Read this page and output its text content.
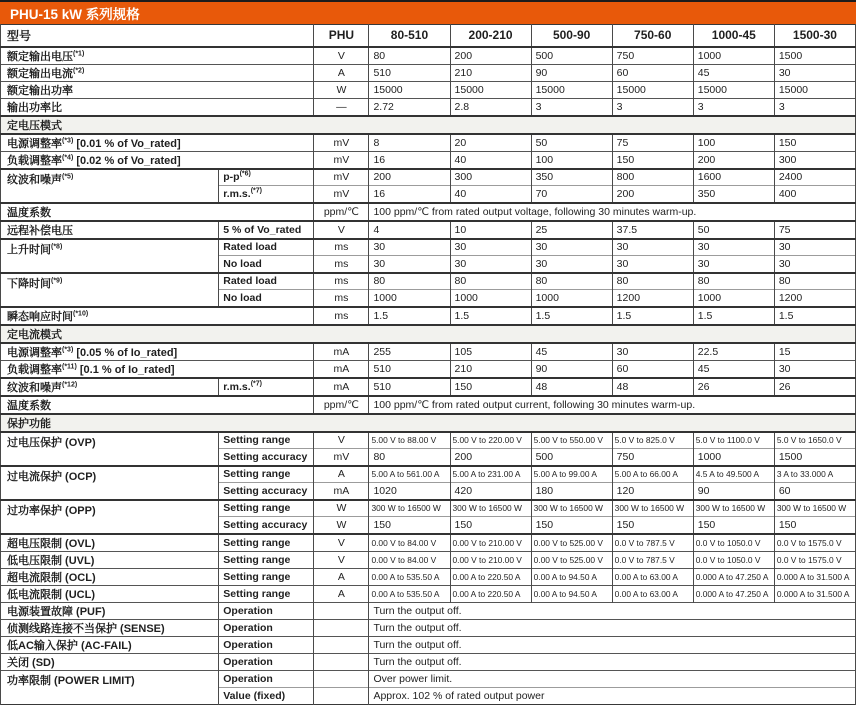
PHU-15 kW 系列规格
型号		PHU	80-510	200-210	500-90	750-60	1000-45	1500-30
额定输出电压$^{(*1)}$		V	80	200	500	750	1000	1500
额定输出电流$^{(*2)}$		A	510	210	90	60	45	30
额定输出功率		W	15000	15000	15000	15000	15000	15000
输出功率比		—	2.72	2.8	3	3	3	3
定电压模式								
电源调整率$^{(*3)}$ [0.01 % of Vo_rated]		mV	8	20	50	75	100	150
负载调整率$^{(*4)}$ [0.02 % of Vo_rated]		mV	16	40	100	150	200	300
纹波和噪声$^{(*5)}$	$p-p^{(*6)}$	mV	200	300	350	800	1600	2400
	r.m.s.$^{(*7)}$	mV	16	40	70	200	350	400
温度系数		ppm/℃	100 ppm/℃ from rated output voltage, following 30 minutes warm-up.					
远程补偿电压	5 % of Vo_rated	V	4	10	25	37.5	50	75
上升时间$^{(*8)}$	Rated load	ms	30	30	30	30	30	30
	No load	ms	30	30	30	30	30	30
下降时间$^{(*9)}$	Rated load	ms	80	80	80	80	80	80
	No load	ms	1000	1000	1000	1200	1000	1200
瞬态响应时间$^{(*10)}$		ms	1.5	1.5	1.5	1.5	1.5	1.5
定电流模式								
电源调整率$^{(*3)}$ [0.05 % of Io_rated]		mA	255	105	45	30	22.5	15
负载调整率$^{(*11)}$ [0.1 % of Io_rated]		mA	510	210	90	60	45	30
纹波和噪声$^{(*12)}$	r.m.s.$^{(*7)}$	mA	510	150	48	48	26	26
温度系数		ppm/℃	100 ppm/℃ from rated output current, following 30 minutes warm-up.					
保护功能								
过电压保护 (OVP)	Setting range	V	5.00 V to 88.00 V	5.00 V to 220.00 V	5.00 V to 550.00 V	5.0 V to 825.0 V	5.0 V to 1100.0 V	5.0 V to 1650.0 V
	Setting accuracy	mV	80	200	500	750	1000	1500
过电流保护 (OCP)	Setting range	A	5.00 A to 561.00 A	5.00 A to 231.00 A	5.00 A to 99.00 A	5.00 A to 66.00 A	4.5 A to 49.500 A	3 A to 33.000 A
	Setting accuracy	mA	1020	420	180	120	90	60
过功率保护 (OPP)	Setting range	W	300 W to 16500 W	300 W to 16500 W	300 W to 16500 W	300 W to 16500 W	300 W to 16500 W	300 W to 16500 W
	Setting accuracy	W	150	150	150	150	150	150
超电压限制 (OVL)	Setting range	V	0.00 V to 84.00 V	0.00 V to 210.00 V	0.00 V to 525.00 V	0.0 V to 787.5 V	0.0 V to 1050.0 V	0.0 V to 1575.0 V
低电压限制 (UVL)	Setting range	V	0.00 V to 84.00 V	0.00 V to 210.00 V	0.00 V to 525.00 V	0.0 V to 787.5 V	0.0 V to 1050.0 V	0.0 V to 1575.0 V
超电流限制 (OCL)	Setting range	A	0.00 A to 535.50 A	0.00 A to 220.50 A	0.00 A to 94.50 A	0.00 A to 63.00 A	0.000 A to 47.250 A	0.000 A to 31.500 A
低电流限制 (UCL)	Setting range	A	0.00 A to 535.50 A	0.00 A to 220.50 A	0.00 A to 94.50 A	0.00 A to 63.00 A	0.000 A to 47.250 A	0.000 A to 31.500 A
电源装置故障 (PUF)	Operation		Turn the output off.					
侦测线路连接不当保护 (SENSE)	Operation		Turn the output off.					
低AC输入保护 (AC-FAIL)	Operation		Turn the output off.					
关闭 (SD)	Operation		Turn the output off.					
功率限制 (POWER LIMIT)	Operation		Over power limit.					
	Value (fixed)		Approx. 102 % of rated output power					
